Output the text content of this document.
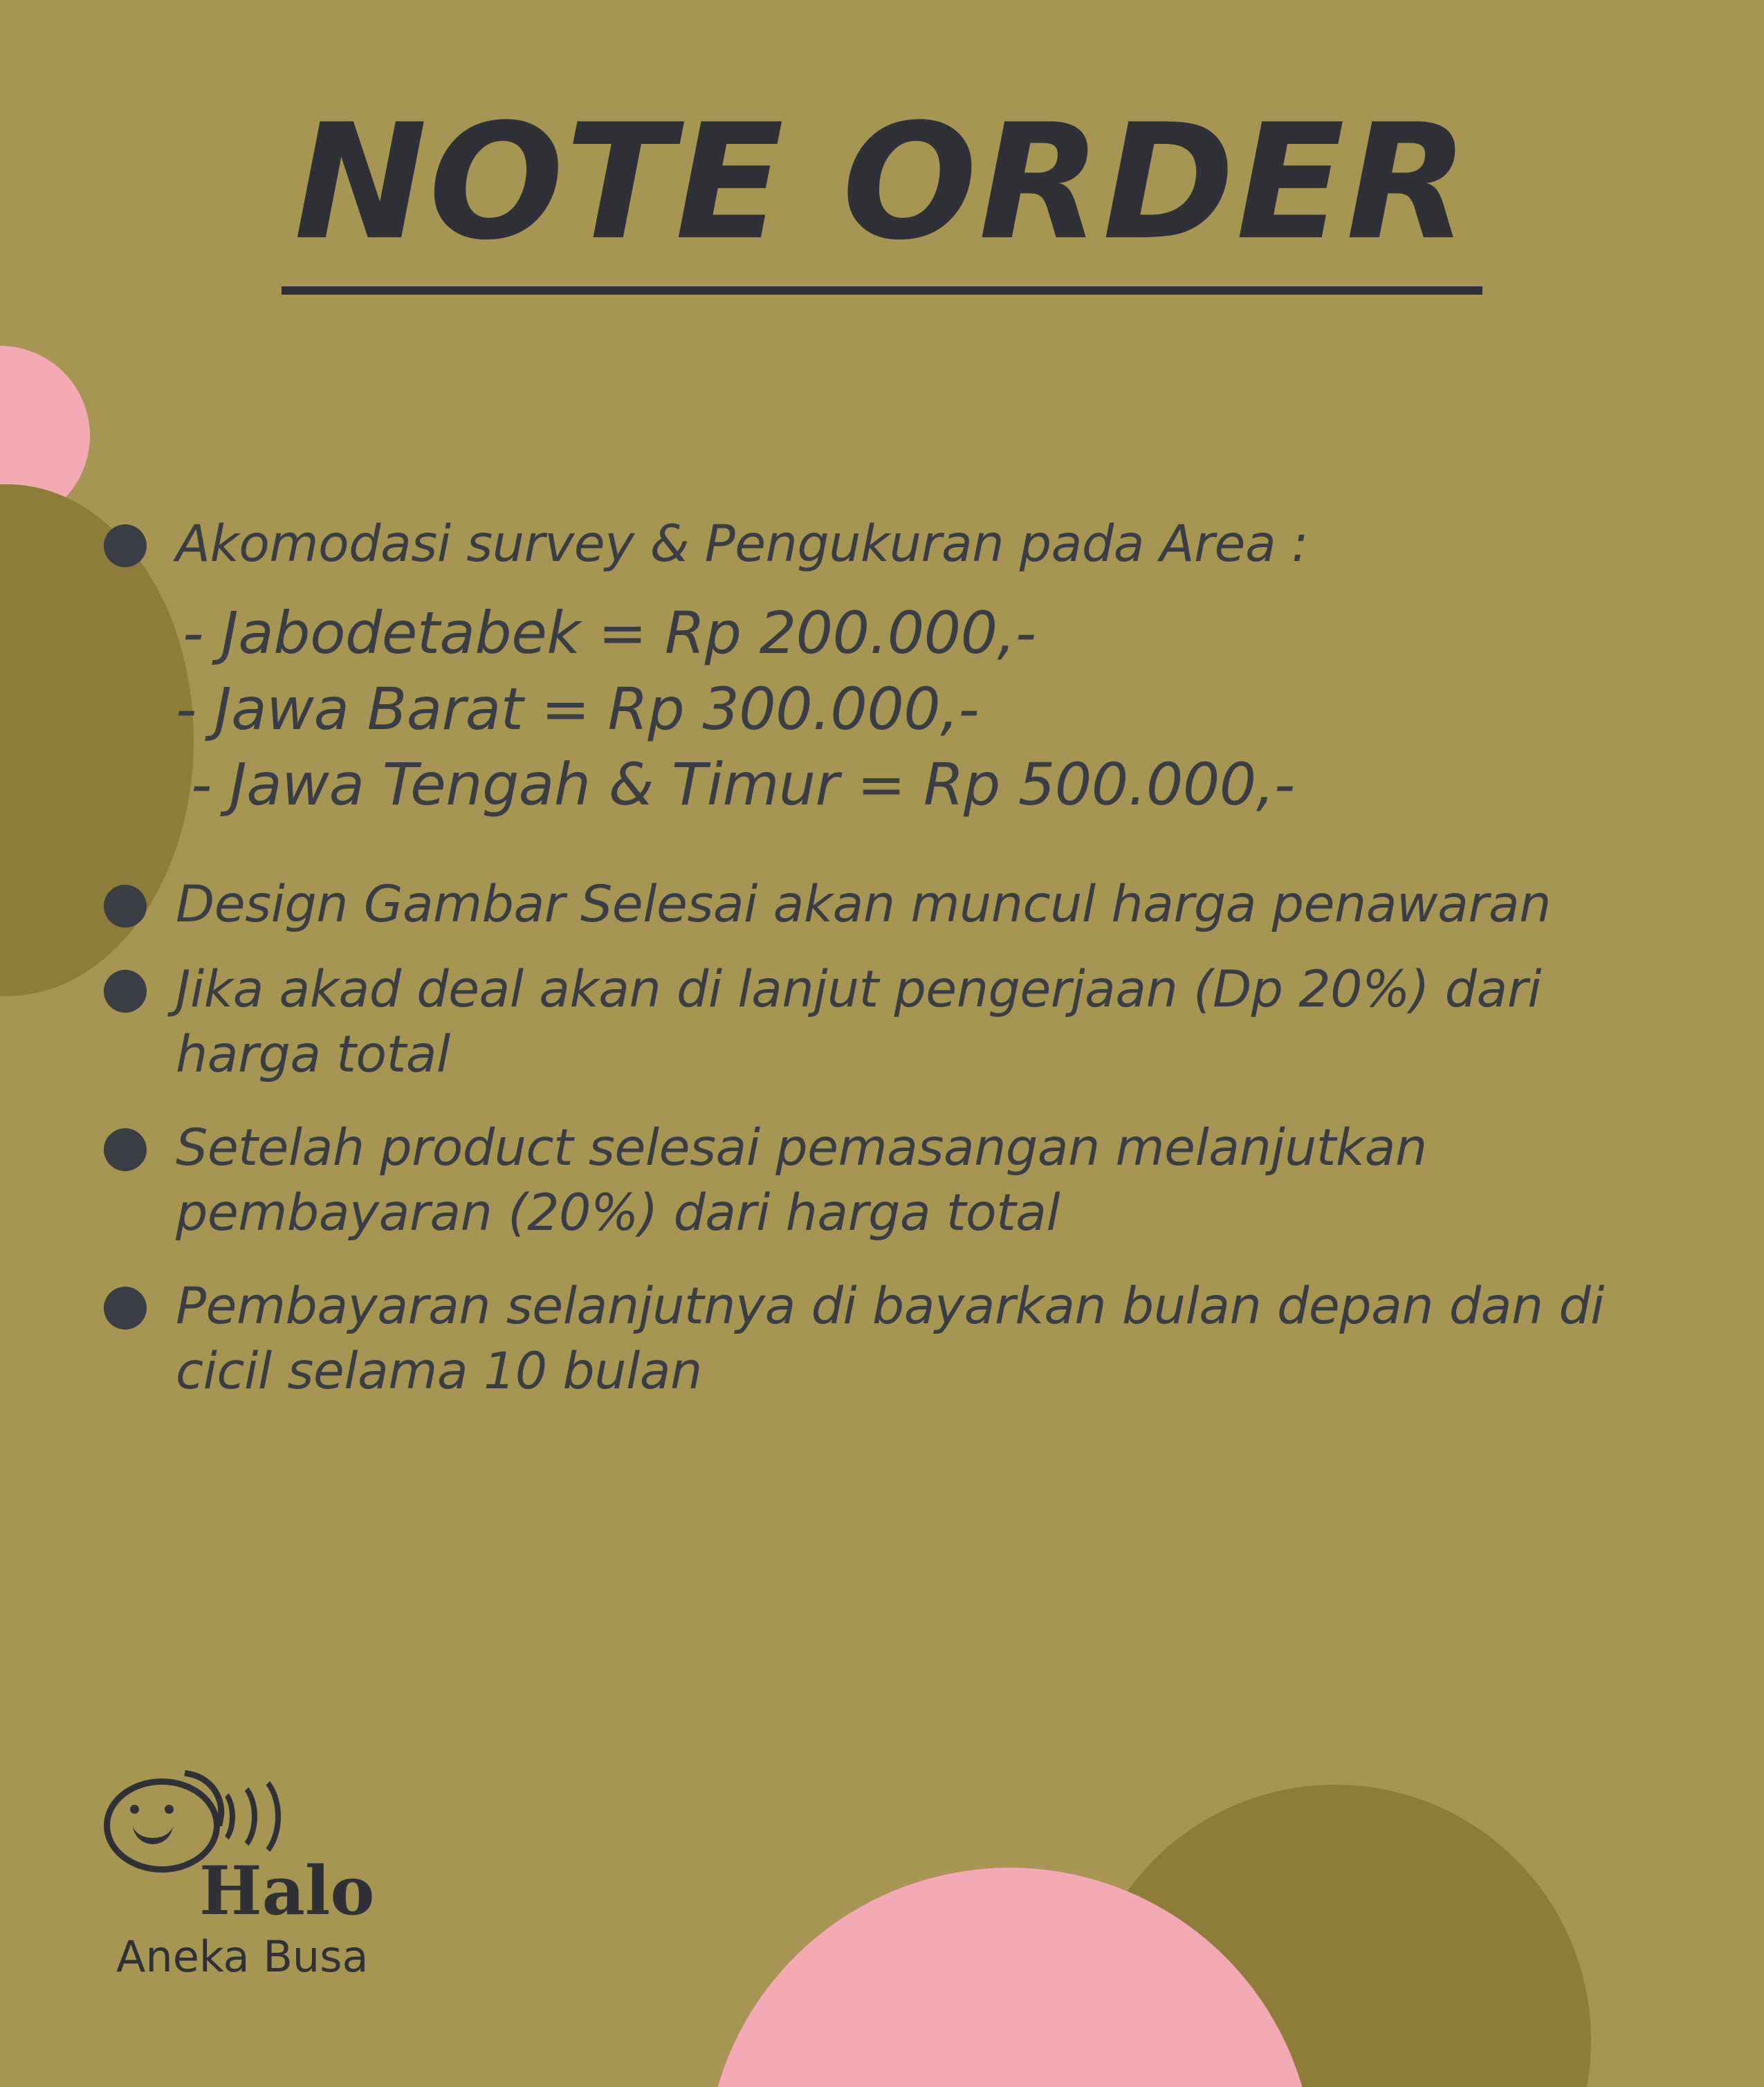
NOTE ORDER
Akomodasi survey & Pengukuran pada Area :
- Jabodetabek = Rp 200.000,-
- Jawa Barat = Rp 300.000,-
- Jawa Tengah & Timur = Rp 500.000,-
Design Gambar Selesai akan muncul harga penawaran
Jika akad deal akan di lanjut pengerjaan (Dp 20%) dari harga total
Setelah product selesai pemasangan melanjutkan pembayaran (20%) dari harga total
Pembayaran selanjutnya di bayarkan bulan depan dan di cicil selama 10 bulan
Halo
Aneka Busa
